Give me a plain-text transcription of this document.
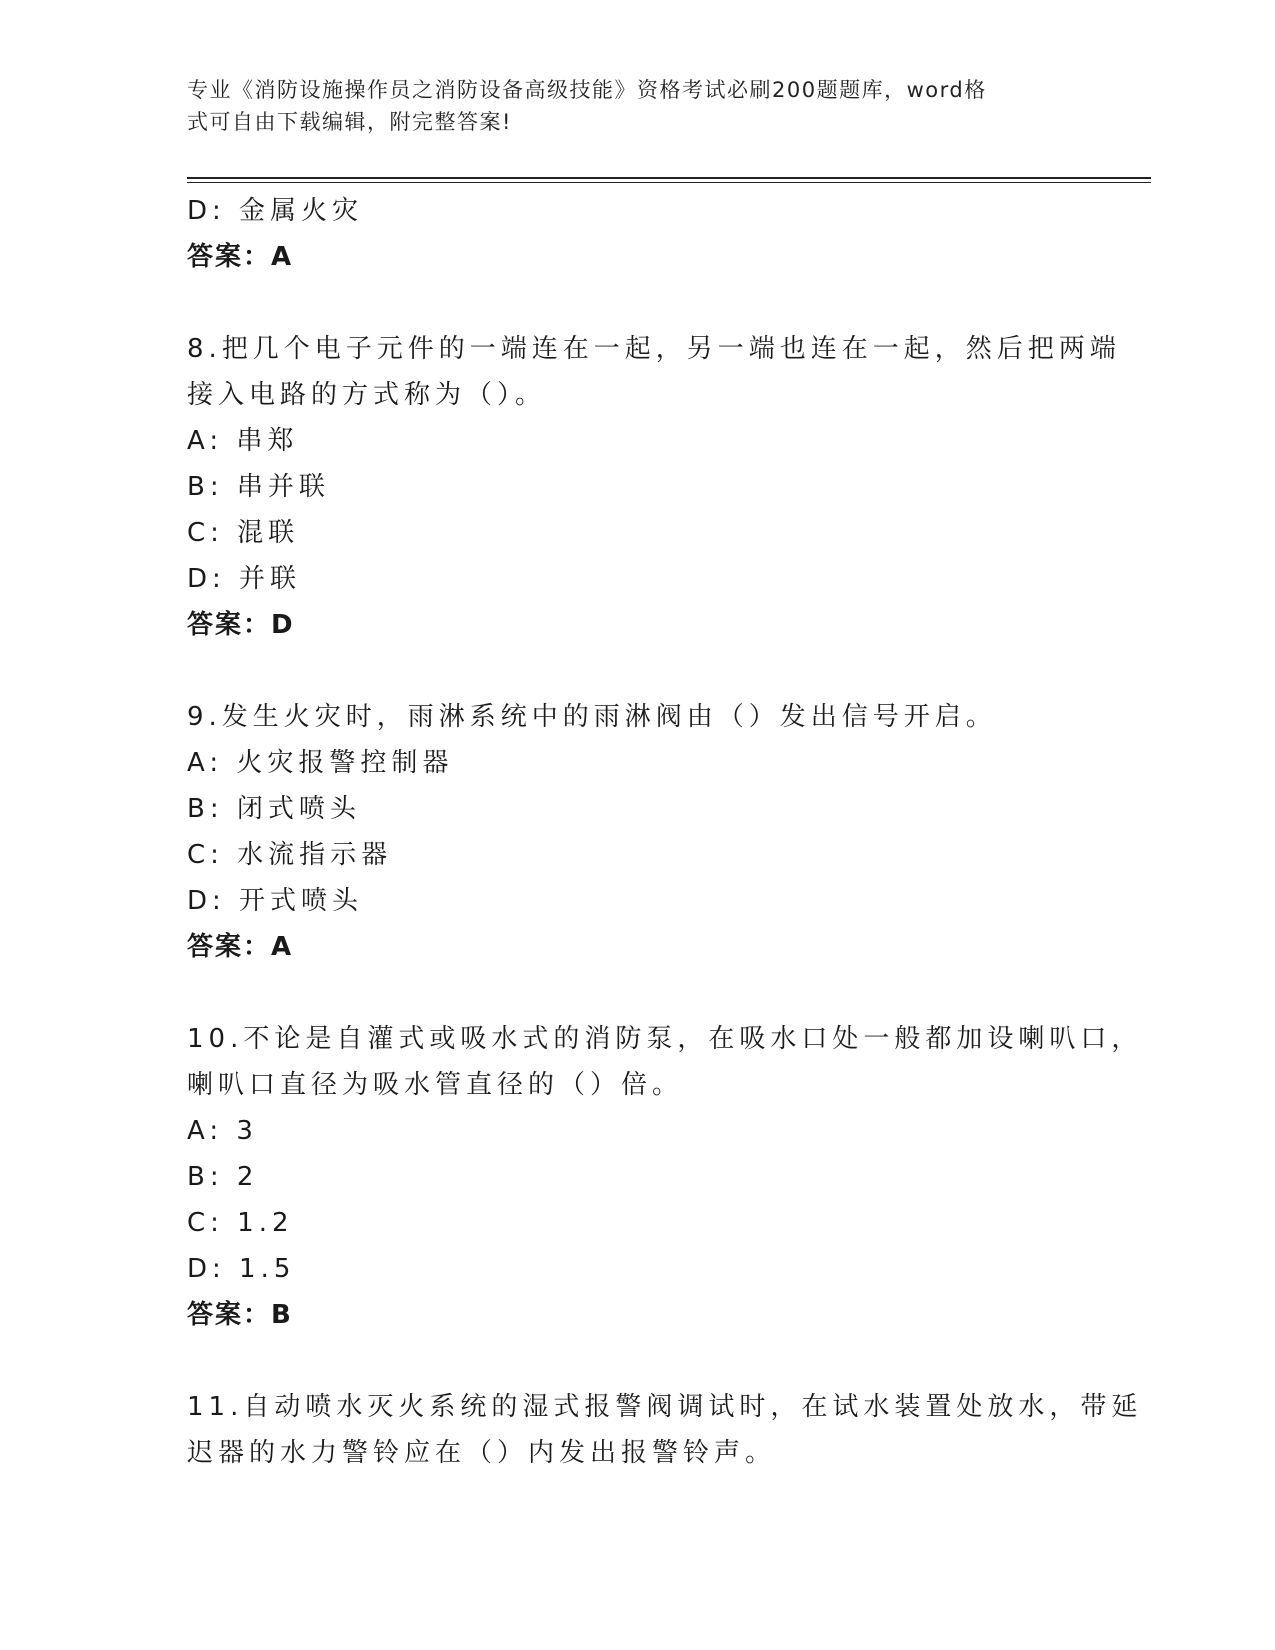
专业《消防设施操作员之消防设备高级技能》资格考试必刷200题题库，word格
式可自由下载编辑，附完整答案!
D: 金属火灾
答案：A
8.把几个电子元件的一端连在一起，另一端也连在一起，然后把两端
接入电路的方式称为（）。
A: 串郑
B: 串并联
C: 混联
D: 并联
答案：D
9.发生火灾时，雨淋系统中的雨淋阀由（）发出信号开启。
A: 火灾报警控制器
B: 闭式喷头
C: 水流指示器
D: 开式喷头
答案：A
10.不论是自灌式或吸水式的消防泵，在吸水口处一般都加设喇叭口，
喇叭口直径为吸水管直径的（）倍。
A: 3
B: 2
C: 1.2
D: 1.5
答案：B
11.自动喷水灭火系统的湿式报警阀调试时，在试水装置处放水，带延
迟器的水力警铃应在（）内发出报警铃声。
